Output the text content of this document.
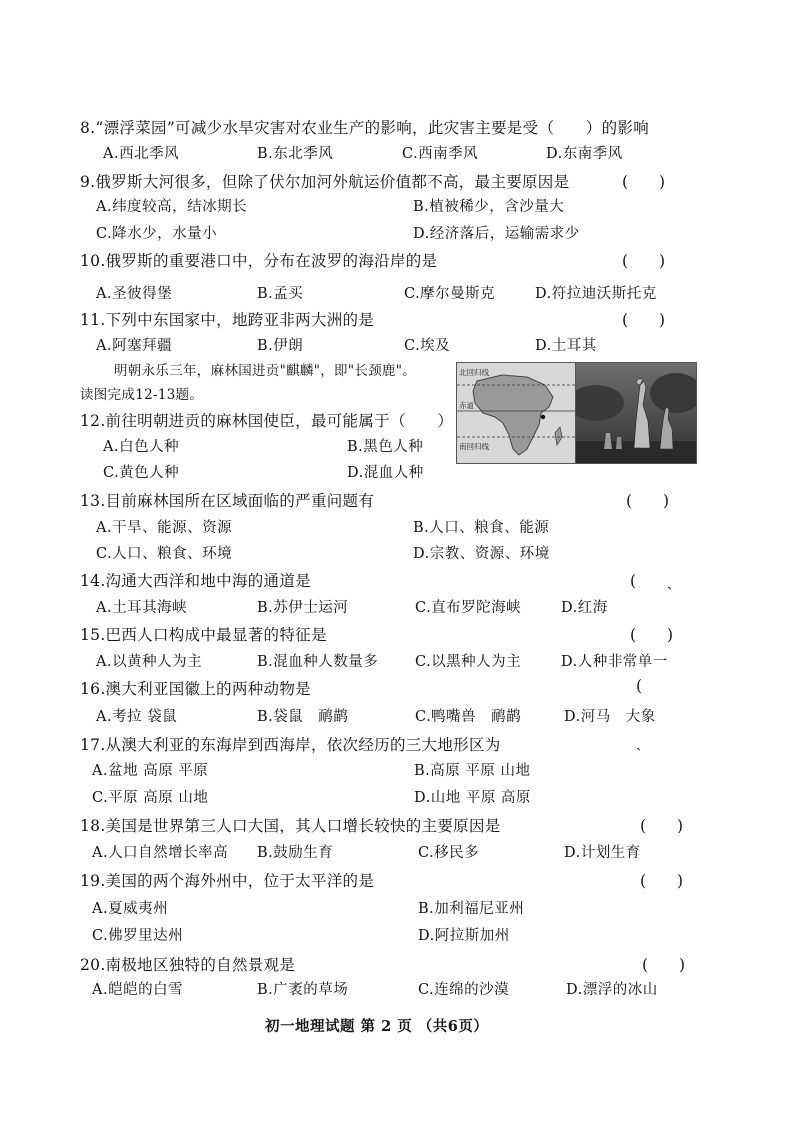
8.“漂浮菜园”可减少水旱灾害对农业生产的影响，此灾害主要是受（　　）的影响
A.西北季风	B.东北季风	C.西南季风	D.东南季风
9.俄罗斯大河很多，但除了伏尔加河外航运价值都不高，最主要原因是	(　　)
A.纬度较高，结冰期长	B.植被稀少，含沙量大
C.降水少，水量小	D.经济落后，运输需求少
10.俄罗斯的重要港口中，分布在波罗的海沿岸的是	(　　)
A.圣彼得堡	B.孟买	C.摩尔曼斯克	D.符拉迪沃斯托克
11.下列中东国家中，地跨亚非两大洲的是	(　　)
A.阿塞拜疆	B.伊朗	C.埃及	D.土耳其
明朝永乐三年，麻林国进贡"麒麟"，即"长颈鹿"。
读图完成12-13题。
北回归线
赤道
南回归线
12.前往明朝进贡的麻林国使臣，最可能属于（　　）
A.白色人种	B.黑色人种
C.黄色人种	D.混血人种
13.目前麻林国所在区域面临的严重问题有	(　　)
A.干旱、能源、资源	B.人口、粮食、能源
C.人口、粮食、环境	D.宗教、资源、环境
14.沟通大西洋和地中海的通道是	(　　ˏ
A.土耳其海峡	B.苏伊士运河	C.直布罗陀海峡	D.红海
15.巴西人口构成中最显著的特征是	(　　)
A.以黄种人为主	B.混血种人数量多	C.以黑种人为主	D.人种非常单一
16.澳大利亚国徽上的两种动物是	(
A.考拉 袋鼠	B.袋鼠　鸸鹋	C.鸭嘴兽　鸸鹋	D.河马　大象
17.从澳大利亚的东海岸到西海岸，依次经历的三大地形区为	ˎ
A.盆地 高原 平原	B.高原 平原 山地
C.平原 高原 山地	D.山地 平原 高原
18.美国是世界第三人口大国，其人口增长较快的主要原因是	(　　)
A.人口自然增长率高 B.鼓励生育	C.移民多	D.计划生育
19.美国的两个海外州中，位于太平洋的是	(　　)
A.夏威夷州	B.加利福尼亚州
C.佛罗里达州	D.阿拉斯加州
20.南极地区独特的自然景观是	(　　)
A.皑皑的白雪	B.广袤的草场	C.连绵的沙漠	D.漂浮的冰山
初一地理试题 第 2 页 （共6页）
